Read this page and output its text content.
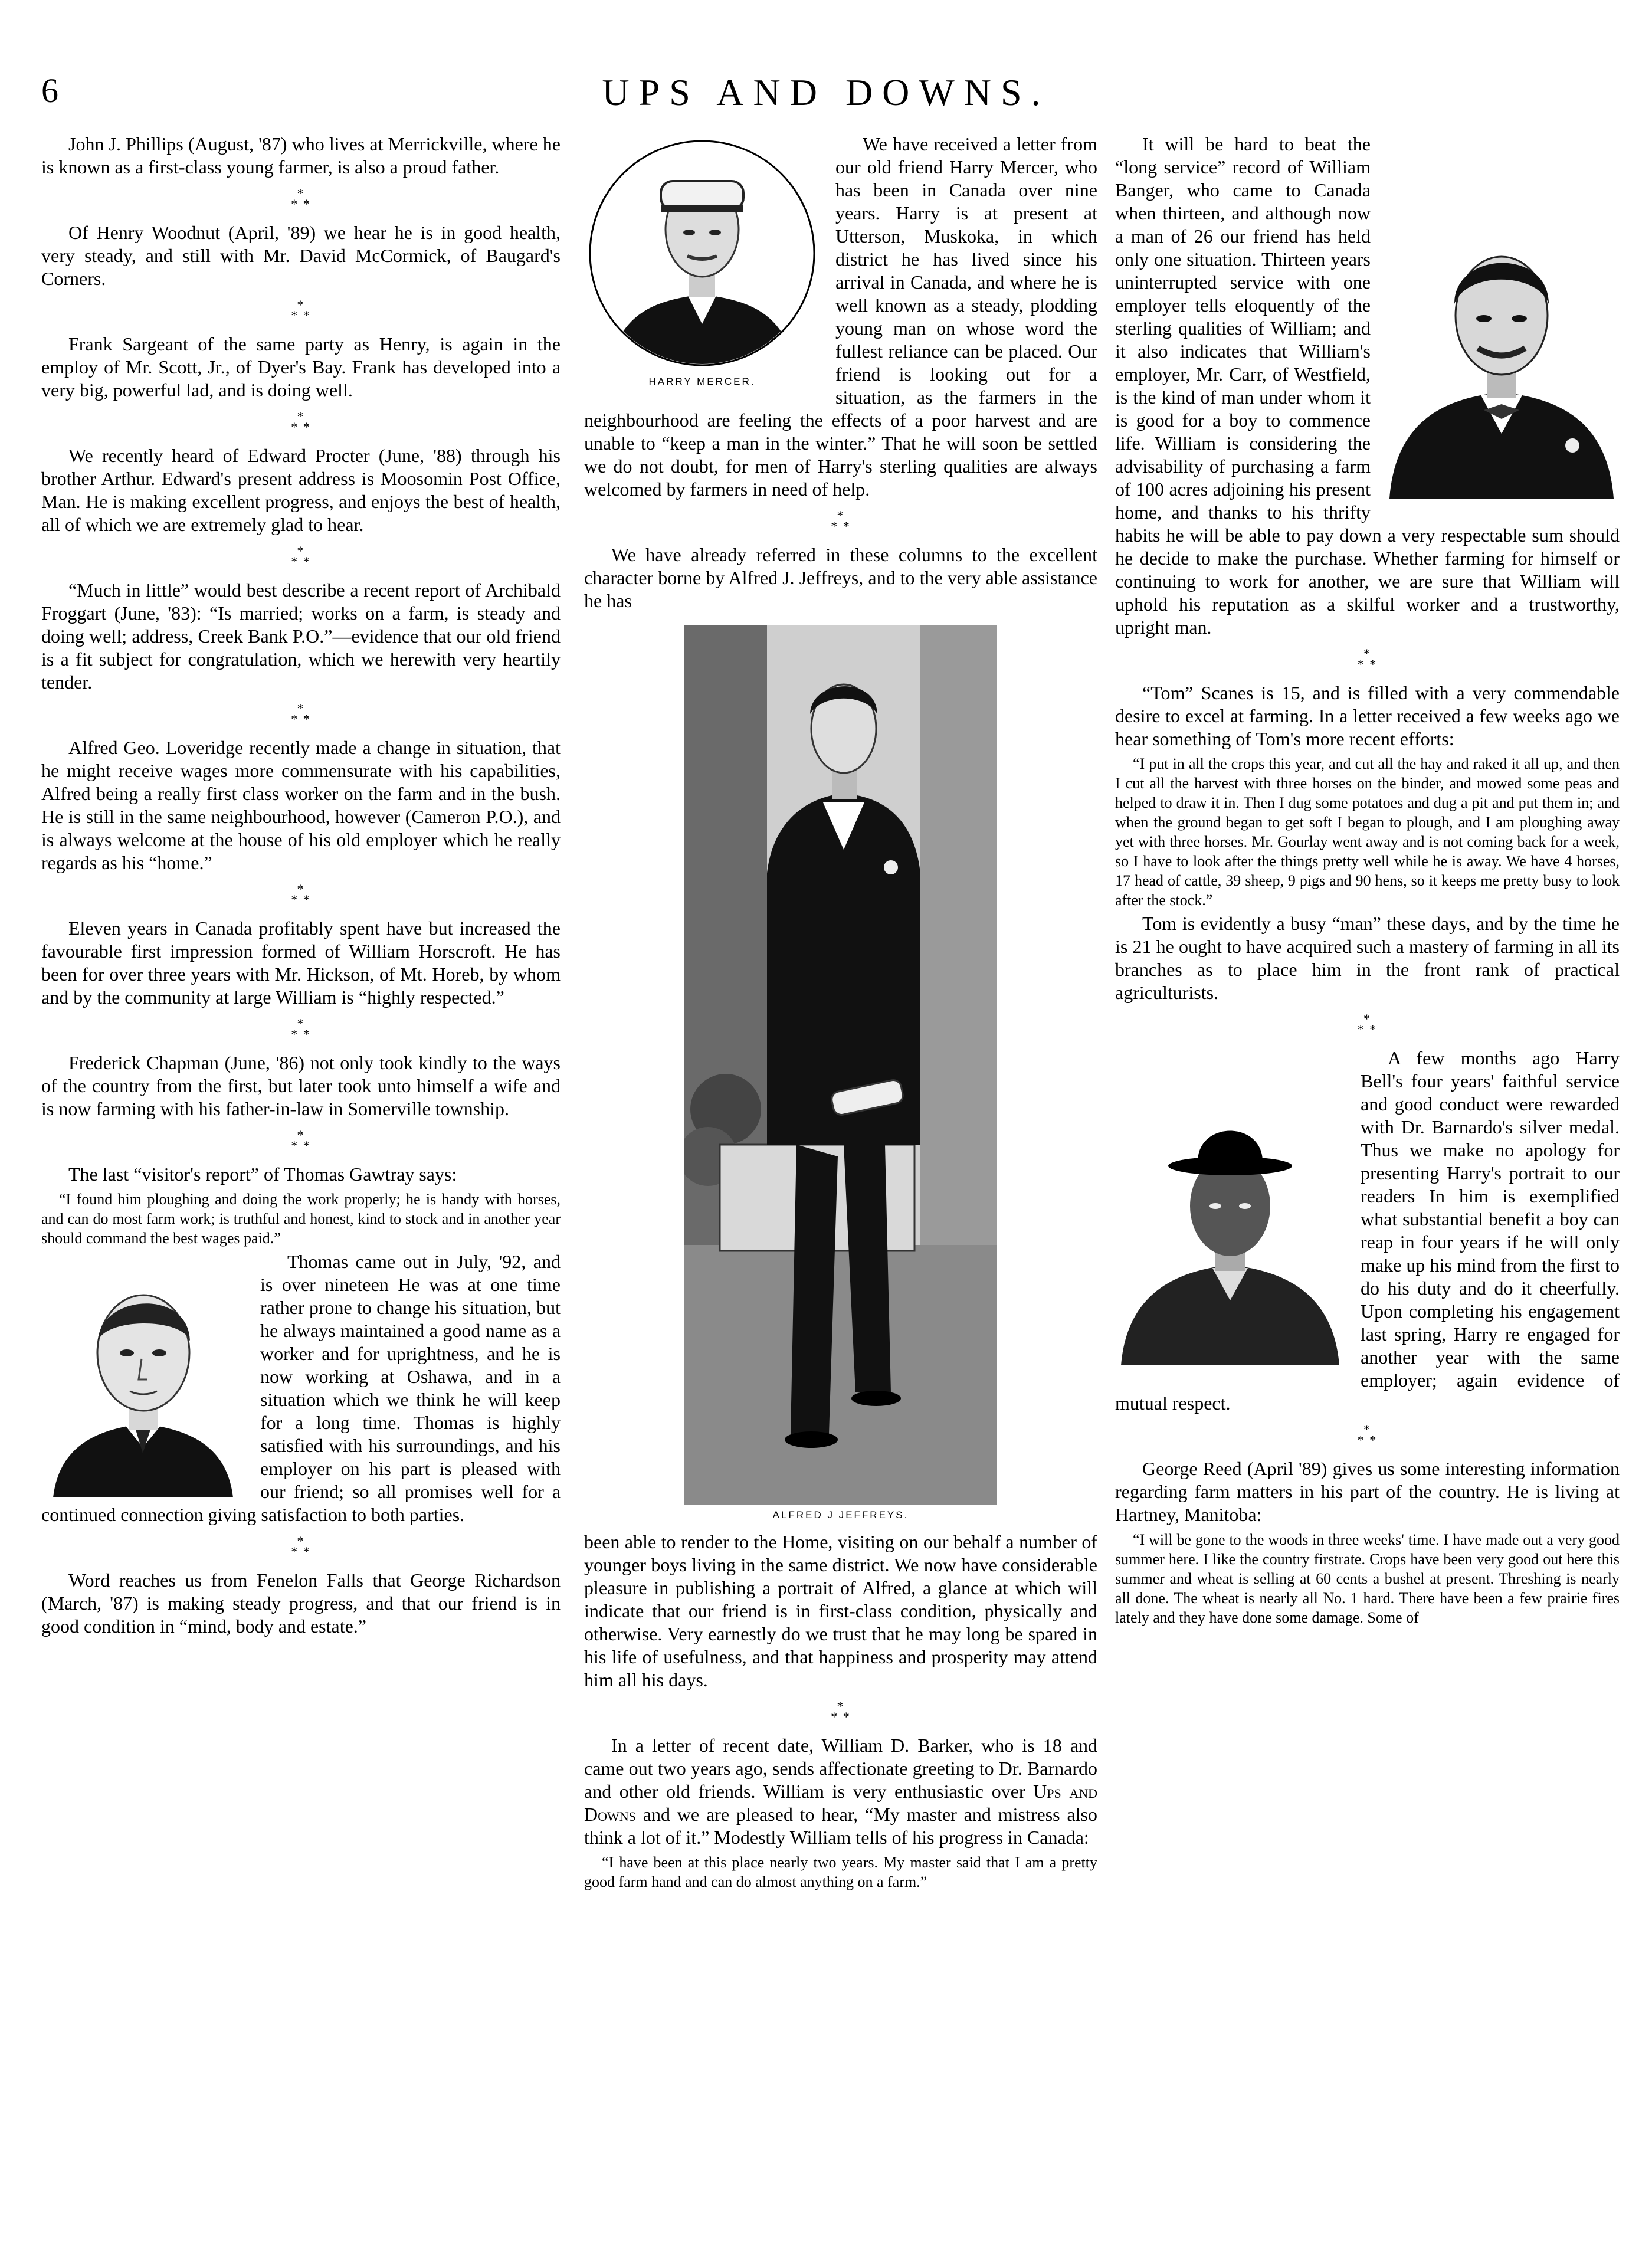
6	UPS AND DOWNS.

John J. Phillips (August, '87) who lives at Merrickville, where he is known as a first-class young farmer, is also a proud father.

*
* *

Of Henry Woodnut (April, '89) we hear he is in good health, very steady, and still with Mr. David McCormick, of Baugard's Corners.

*
* *

Frank Sargeant of the same party as Henry, is again in the employ of Mr. Scott, Jr., of Dyer's Bay. Frank has developed into a very big, powerful lad, and is doing well.

*
* *

We recently heard of Edward Procter (June, '88) through his brother Arthur. Edward's present address is Moosomin Post Office, Man. He is making excellent progress, and enjoys the best of health, all of which we are extremely glad to hear.

*
* *

“Much in little” would best describe a recent report of Archibald Froggart (June, '83): “Is married; works on a farm, is steady and doing well; address, Creek Bank P.O.”—evidence that our old friend is a fit subject for congratulation, which we herewith very heartily tender.

*
* *

Alfred Geo. Loveridge recently made a change in situation, that he might receive wages more commensurate with his capabilities, Alfred being a really first class worker on the farm and in the bush. He is still in the same neighbourhood, however (Cameron P.O.), and is always welcome at the house of his old employer which he really regards as his “home.”

*
* *

Eleven years in Canada profitably spent have but increased the favourable first impression formed of William Horscroft. He has been for over three years with Mr. Hickson, of Mt. Horeb, by whom and by the community at large William is “highly respected.”

*
* *

Frederick Chapman (June, '86) not only took kindly to the ways of the country from the first, but later took unto himself a wife and is now farming with his father-in-law in Somerville township.

*
* *

The last “visitor's report” of Thomas Gawtray says:

“I found him ploughing and doing the work properly; he is handy with horses, and can do most farm work; is truthful and honest, kind to stock and in another year should command the best wages paid.”

Thomas came out in July, '92, and is over nineteen He was at one time rather prone to change his situation, but he always maintained a good name as a worker and for uprightness, and he is now working at Oshawa, and in a situation which we think he will keep for a long time. Thomas is highly satisfied with his surroundings, and his employer on his part is pleased with our friend; so all promises well for a continued connection giving satisfaction to both parties.

*
* *

Word reaches us from Fenelon Falls that George Richardson (March, '87) is making steady progress, and that our friend is in good condition in “mind, body and estate.”

HARRY MERCER.

We have received a letter from our old friend Harry Mercer, who has been in Canada over nine years. Harry is at present at Utterson, Muskoka, in which district he has lived since his arrival in Canada, and where he is well known as a steady, plodding young man on whose word the fullest reliance can be placed. Our friend is looking out for a situation, as the farmers in the neighbourhood are feeling the effects of a poor harvest and are unable to “keep a man in the winter.” That he will soon be settled we do not doubt, for men of Harry's sterling qualities are always welcomed by farmers in need of help.

*
* *

We have already referred in these columns to the excellent character borne by Alfred J. Jeffreys, and to the very able assistance he has

ALFRED J JEFFREYS.

been able to render to the Home, visiting on our behalf a number of younger boys living in the same district. We now have considerable pleasure in publishing a portrait of Alfred, a glance at which will indicate that our friend is in first-class condition, physically and otherwise. Very earnestly do we trust that he may long be spared in his life of usefulness, and that happiness and prosperity may attend him all his days.

*
* *

In a letter of recent date, William D. Barker, who is 18 and came out two years ago, sends affectionate greeting to Dr. Barnardo and other old friends. William is very enthusiastic over Ups and Downs and we are pleased to hear, “My master and mistress also think a lot of it.” Modestly William tells of his progress in Canada:

“I have been at this place nearly two years. My master said that I am a pretty good farm hand and can do almost anything on a farm.”

It will be hard to beat the “long service” record of William Banger, who came to Canada when thirteen, and although now a man of 26 our friend has held only one situation. Thirteen years uninterrupted service with one employer tells eloquently of the sterling qualities of William; and it also indicates that William's employer, Mr. Carr, of Westfield, is the kind of man under whom it is good for a boy to commence life. William is considering the advisability of purchasing a farm of 100 acres adjoining his present home, and thanks to his thrifty habits he will be able to pay down a very respectable sum should he decide to make the purchase. Whether farming for himself or continuing to work for another, we are sure that William will uphold his reputation as a skilful worker and a trustworthy, upright man.

*
* *

“Tom” Scanes is 15, and is filled with a very commendable desire to excel at farming. In a letter received a few weeks ago we hear something of Tom's more recent efforts:

“I put in all the crops this year, and cut all the hay and raked it all up, and then I cut all the harvest with three horses on the binder, and mowed some peas and helped to draw it in. Then I dug some potatoes and dug a pit and put them in; and when the ground began to get soft I began to plough, and I am ploughing away yet with three horses. Mr. Gourlay went away and is not coming back for a week, so I have to look after the things pretty well while he is away. We have 4 horses, 17 head of cattle, 39 sheep, 9 pigs and 90 hens, so it keeps me pretty busy to look after the stock.”

Tom is evidently a busy “man” these days, and by the time he is 21 he ought to have acquired such a mastery of farming in all its branches as to place him in the front rank of practical agriculturists.

*
* *

A few months ago Harry Bell's four years' faithful service and good conduct were rewarded with Dr. Barnardo's silver medal. Thus we make no apology for presenting Harry's portrait to our readers In him is exemplified what substantial benefit a boy can reap in four years if he will only make up his mind from the first to do his duty and do it cheerfully. Upon completing his engagement last spring, Harry re engaged for another year with the same employer; again evidence of mutual respect.

*
* *

George Reed (April '89) gives us some interesting information regarding farm matters in his part of the country. He is living at Hartney, Manitoba:

“I will be gone to the woods in three weeks' time. I have made out a very good summer here. I like the country firstrate. Crops have been very good out here this summer and wheat is selling at 60 cents a bushel at present. Threshing is nearly all done. The wheat is nearly all No. 1 hard. There have been a few prairie fires lately and they have done some damage. Some of
